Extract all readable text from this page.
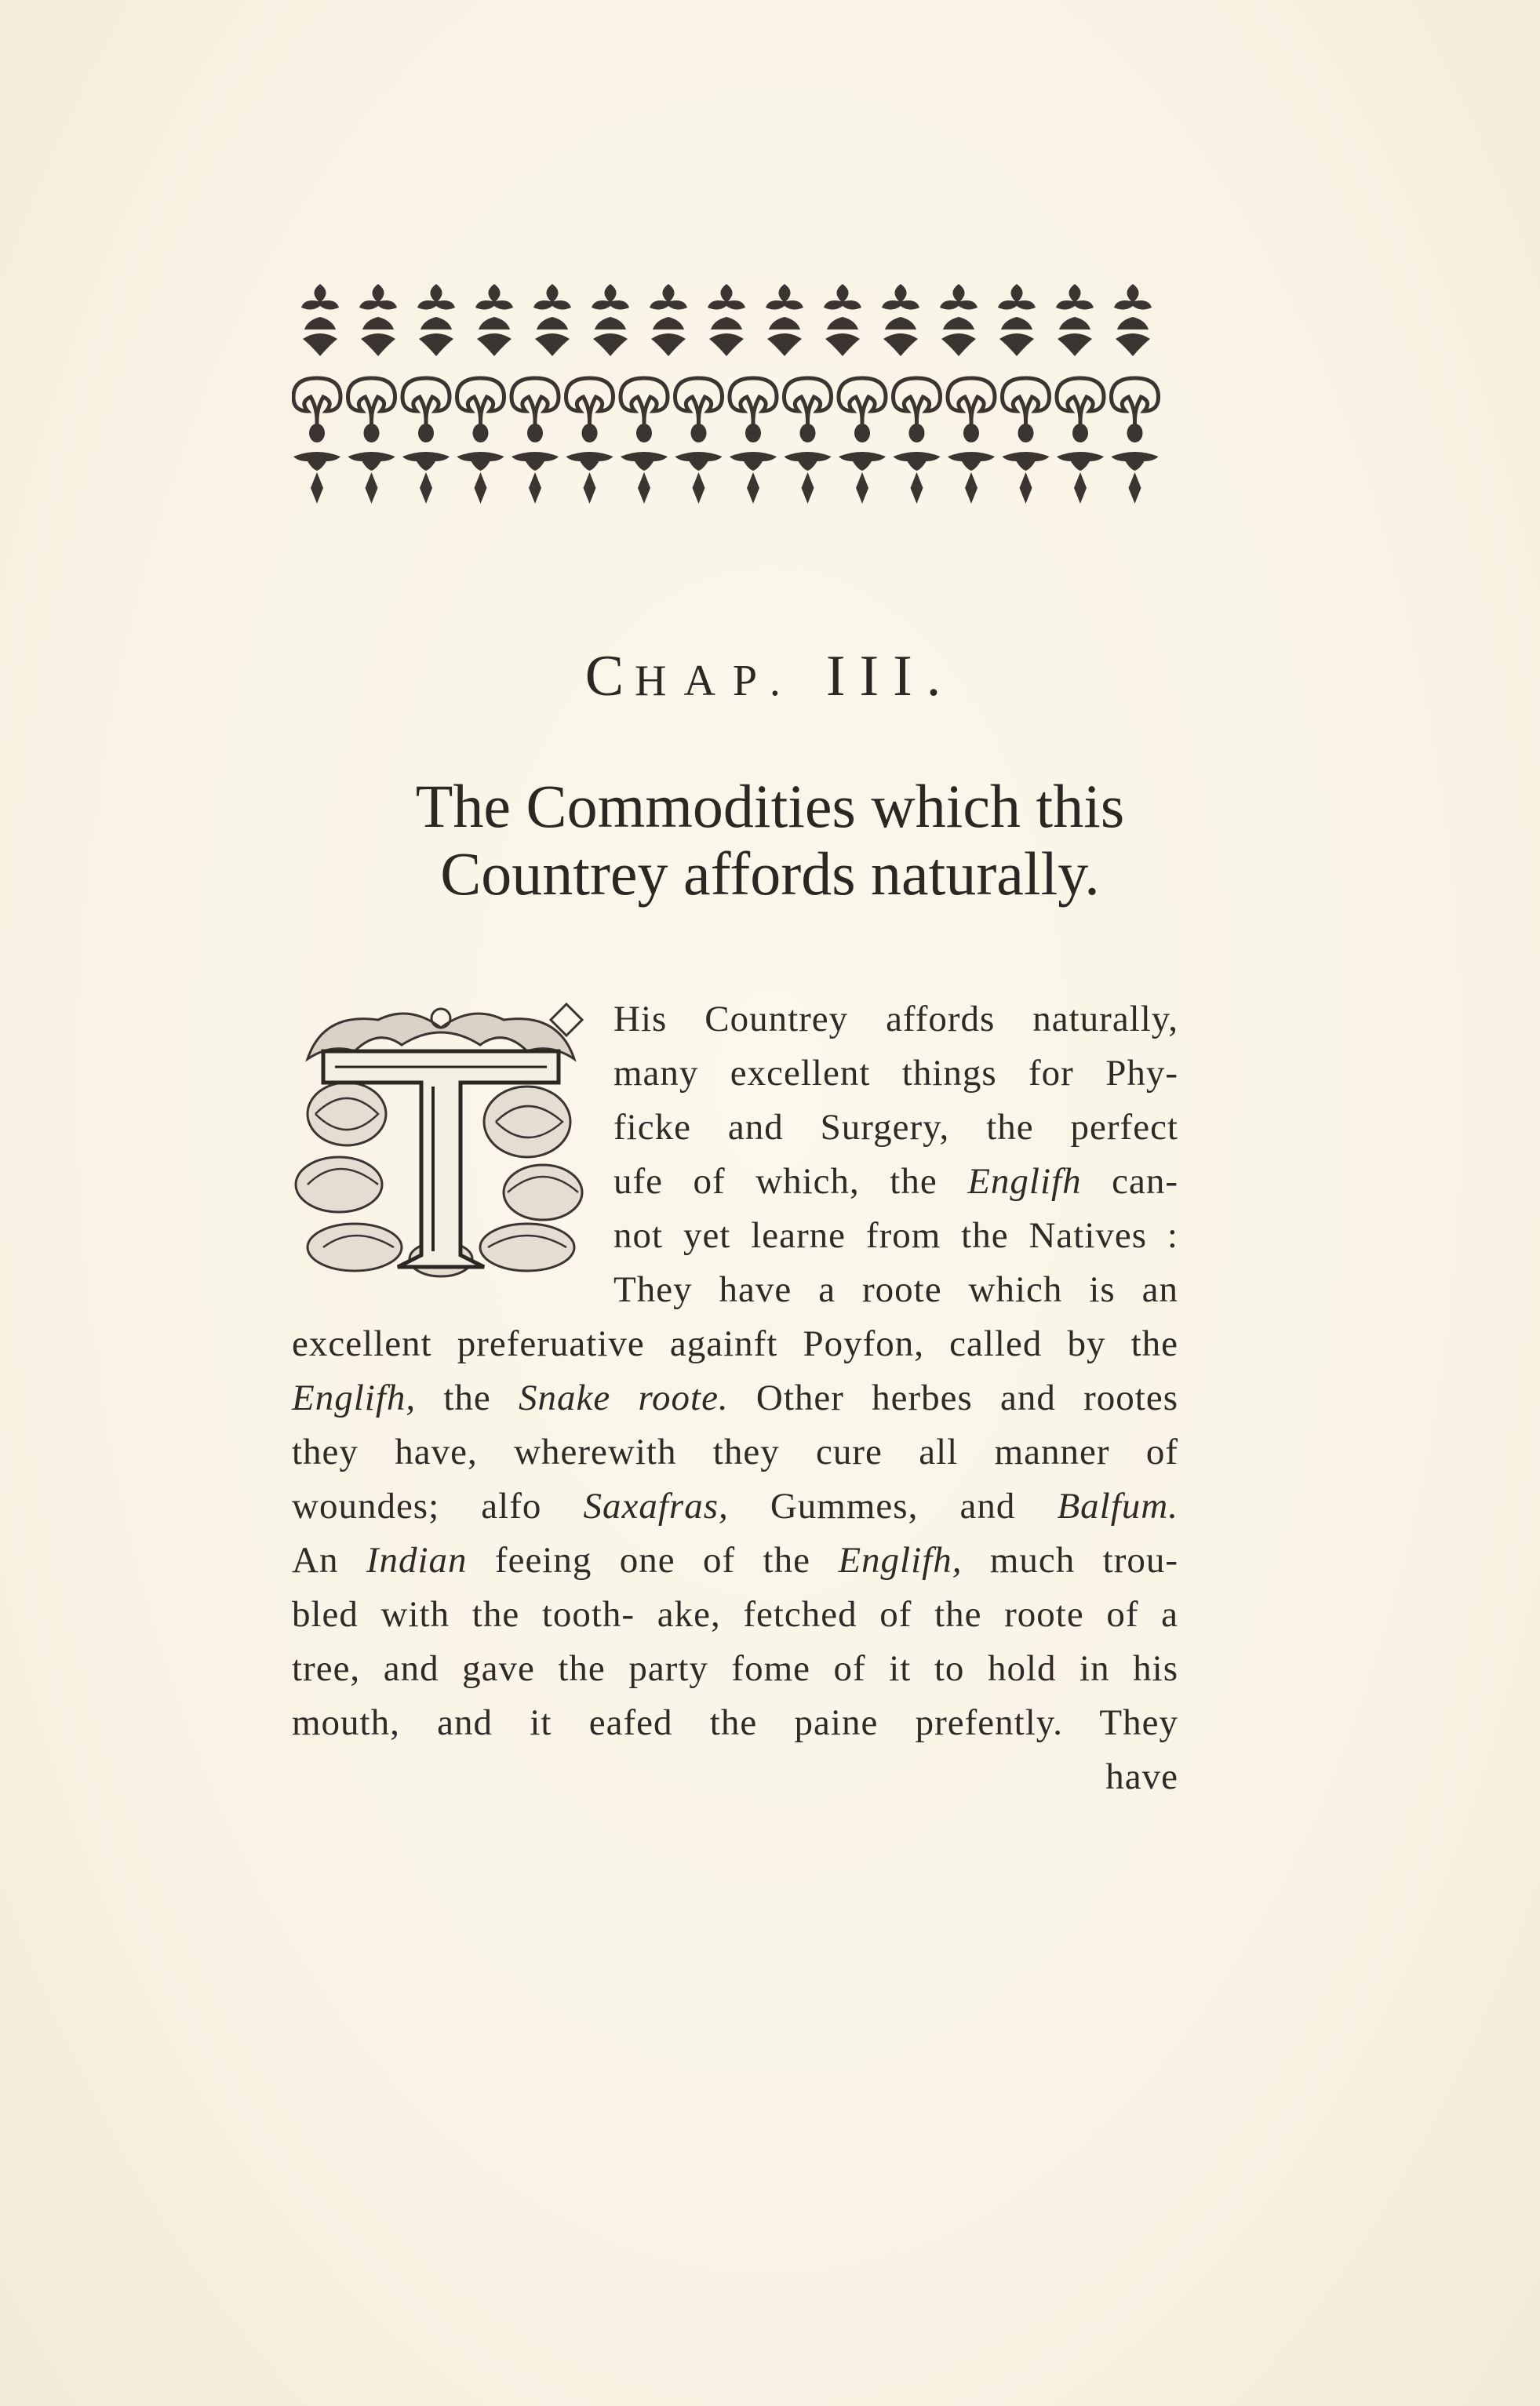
CHAP. III.
The Commodities which this
Countrey affords naturally.
His Countrey affords naturally,
many excellent things for Phy-
ficke and Surgery, the perfect
ufe of which, the Englifh can-
not yet learne from the Natives :
They have a roote which is an
excellent preferuative againft Poyfon, called by the
Englifh, the Snake roote. Other herbes and rootes
they have, wherewith they cure all manner of
woundes; alfo Saxafras, Gummes, and Balfum.
An Indian feeing one of the Englifh, much trou-
bled with the tooth- ake, fetched of the roote of a
tree, and gave the party fome of it to hold in his
mouth, and it eafed the paine prefently. They
have
